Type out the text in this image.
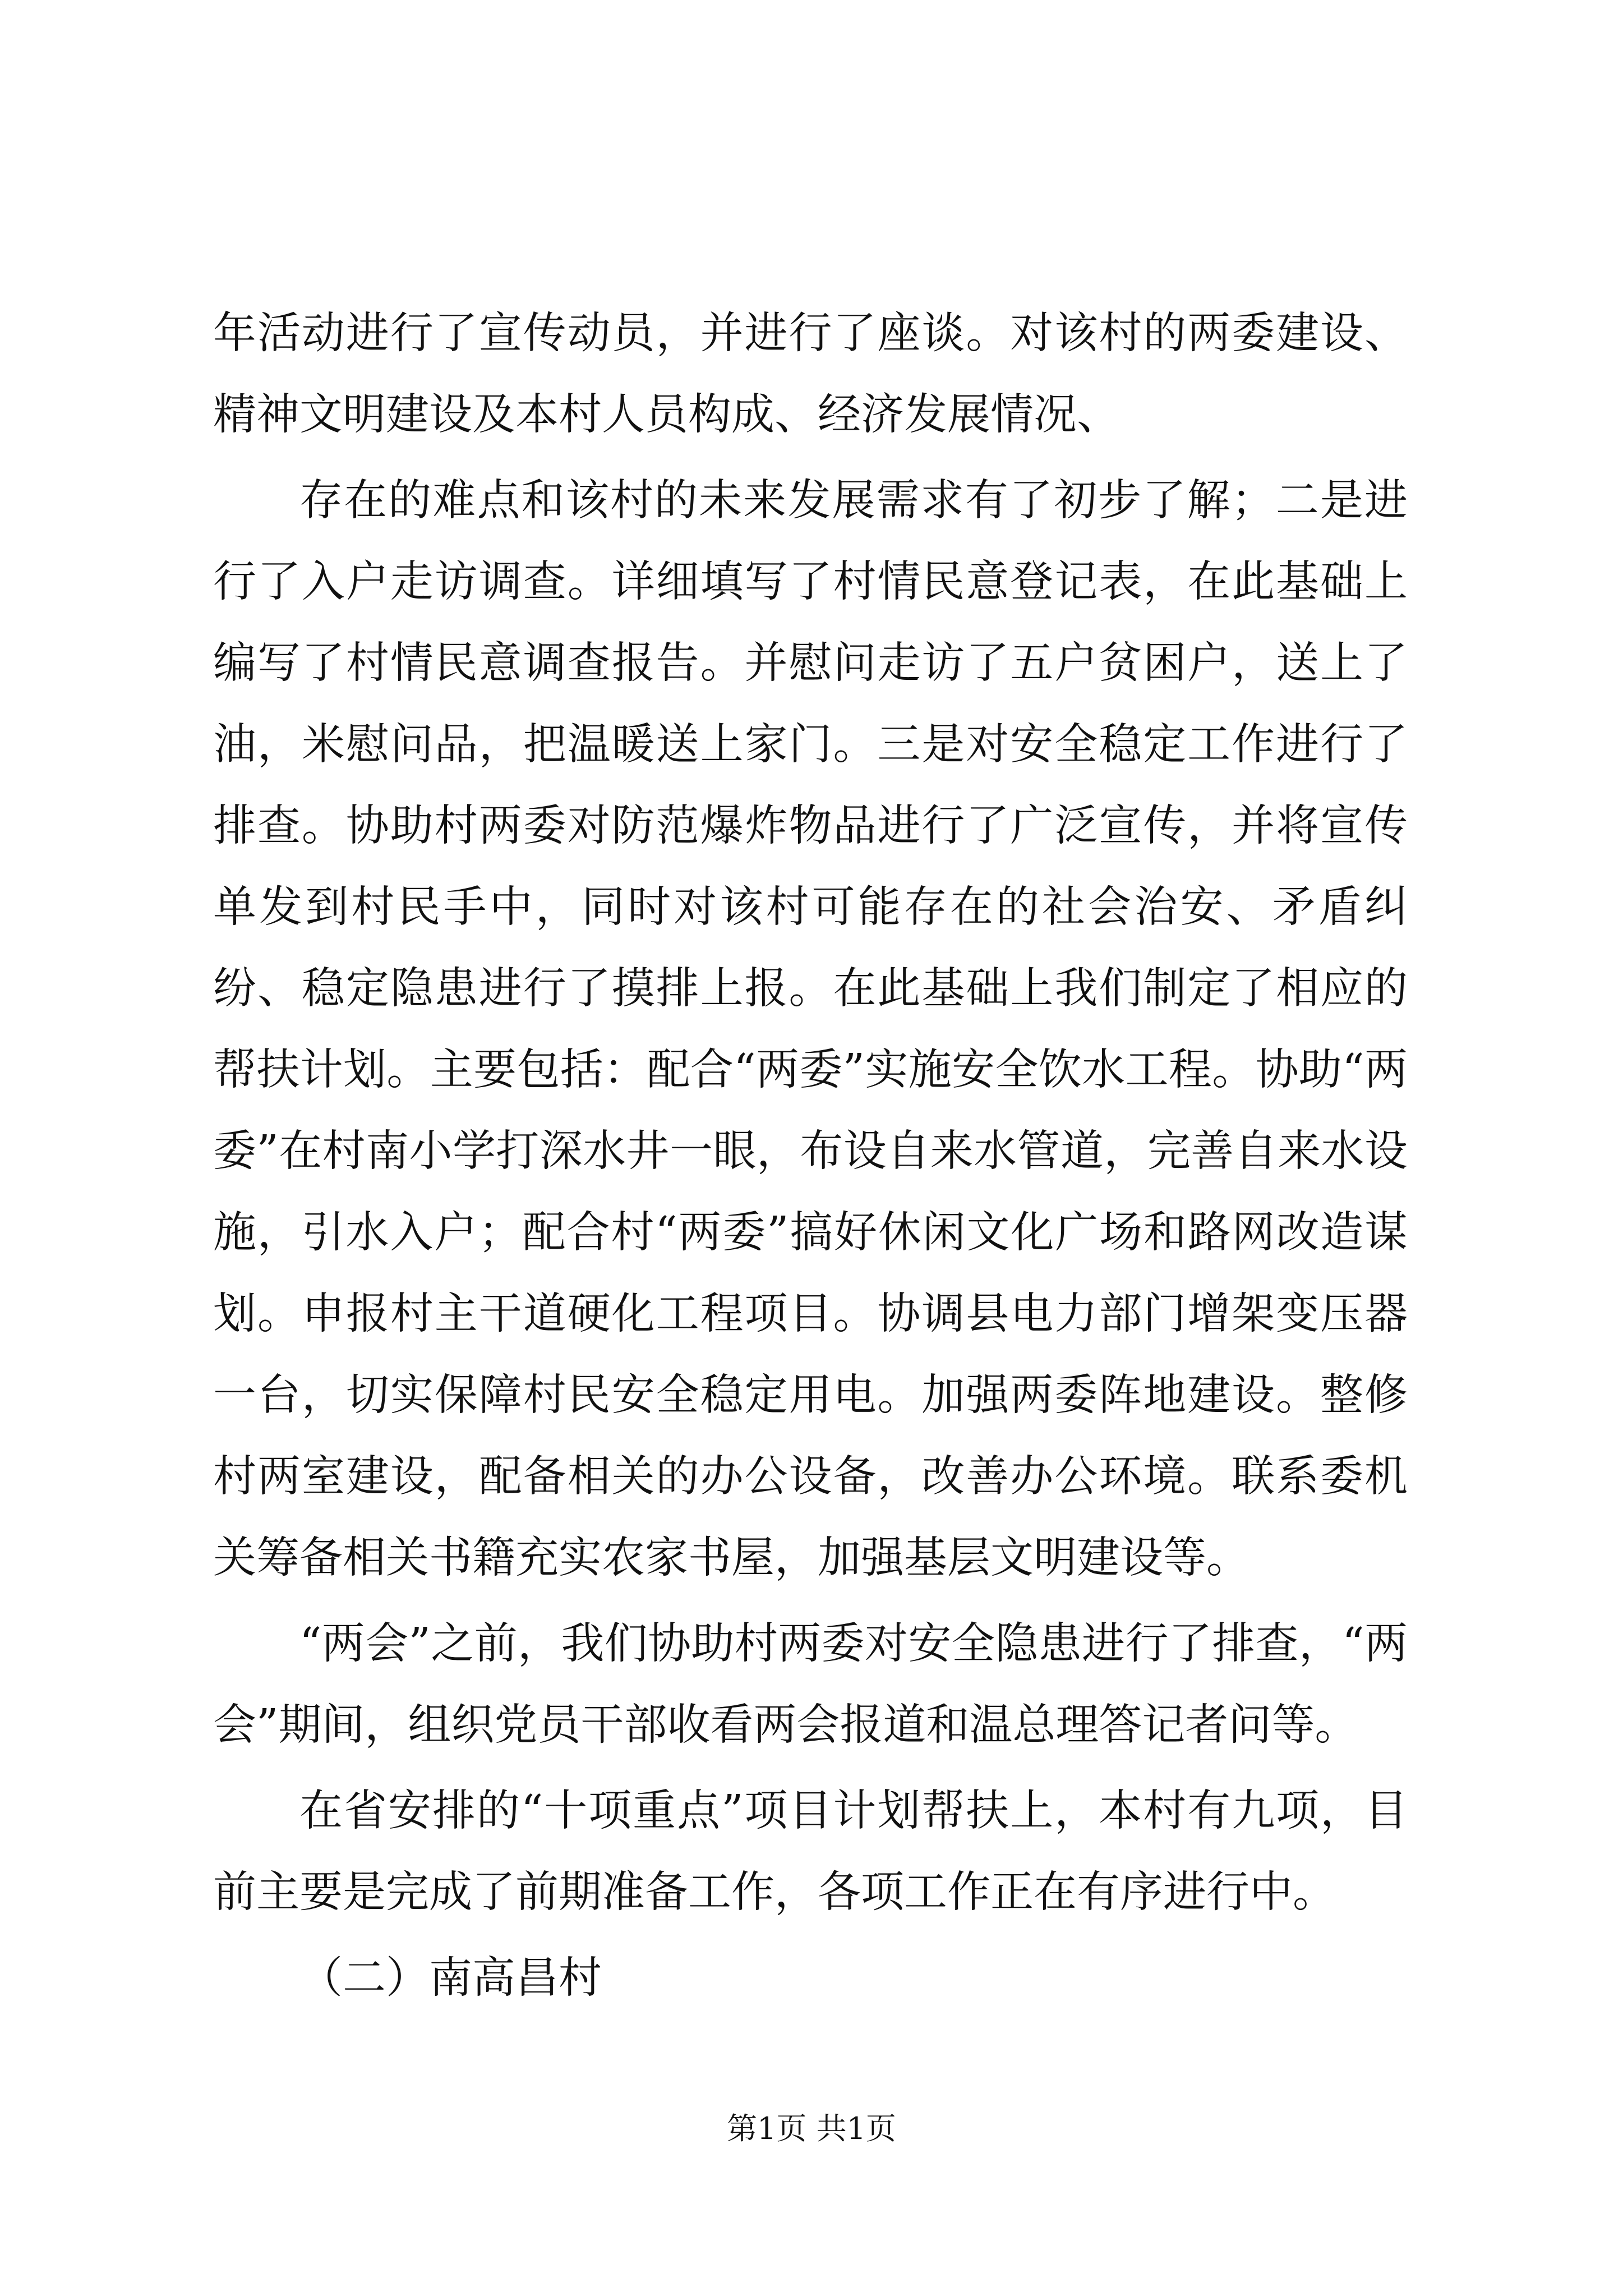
年活动进行了宣传动员，并进行了座谈。对该村的两委建设、精神文明建设及本村人员构成、经济发展情况、

存在的难点和该村的未来发展需求有了初步了解；二是进行了入户走访调查。详细填写了村情民意登记表，在此基础上编写了村情民意调查报告。并慰问走访了五户贫困户，送上了油，米慰问品，把温暖送上家门。三是对安全稳定工作进行了排查。协助村两委对防范爆炸物品进行了广泛宣传，并将宣传单发到村民手中，同时对该村可能存在的社会治安、矛盾纠纷、稳定隐患进行了摸排上报。在此基础上我们制定了相应的帮扶计划。主要包括：配合“两委”实施安全饮水工程。协助“两委”在村南小学打深水井一眼，布设自来水管道，完善自来水设施，引水入户；配合村“两委”搞好休闲文化广场和路网改造谋划。申报村主干道硬化工程项目。协调县电力部门增架变压器一台，切实保障村民安全稳定用电。加强两委阵地建设。整修村两室建设，配备相关的办公设备，改善办公环境。联系委机关筹备相关书籍充实农家书屋，加强基层文明建设等。

“两会”之前，我们协助村两委对安全隐患进行了排查，“两会”期间，组织党员干部收看两会报道和温总理答记者问等。

在省安排的“十项重点”项目计划帮扶上，本村有九项，目前主要是完成了前期准备工作，各项工作正在有序进行中。

（二）南高昌村

第1页 共1页
